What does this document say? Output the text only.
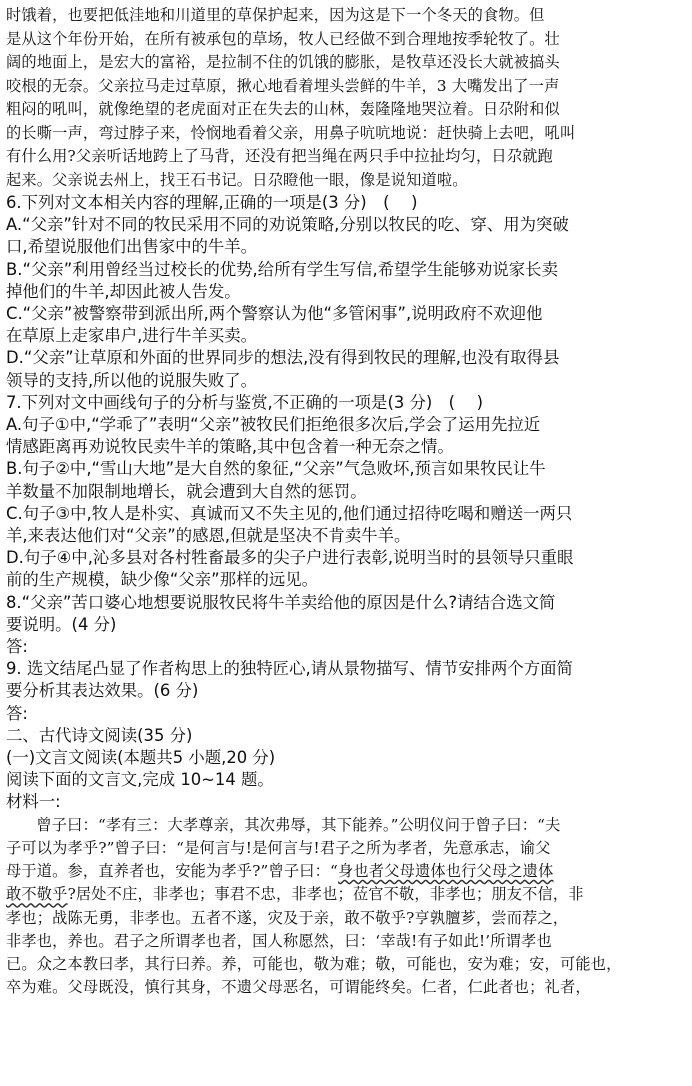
时饿着，也要把低洼地和川道里的草保护起来，因为这是下一个冬天的食物。但

是从这个年份开始，在所有被承包的草场，牧人已经做不到合理地按季轮牧了。壮

阔的地面上，是宏大的富裕，是拉制不住的饥饿的膨胀，是牧草还没长大就被搞头

咬根的无奈。父亲拉马走过草原，揪心地看着埋头尝鲜的牛羊，3 大嘴发出了一声

粗闷的吼叫，就像绝望的老虎面对正在失去的山林，轰隆隆地哭泣着。日尕附和似

的长嘶一声，弯过脖子来，怜悯地看着父亲，用鼻子吭吭地说：赶快骑上去吧，吼叫

有什么用?父亲听话地跨上了马背，还没有把当绳在两只手中拉扯均匀，日尕就跑

起来。父亲说去州上，找王石书记。日尕瞪他一眼，像是说知道啦。

6.下列对文本相关内容的理解,正确的一项是(3 分)　(　 )

A.“父亲”针对不同的牧民采用不同的劝说策略,分别以牧民的吃、穿、用为突破

口,希望说服他们出售家中的牛羊。

B.“父亲”利用曾经当过校长的优势,给所有学生写信,希望学生能够劝说家长卖

掉他们的牛羊,却因此被人告发。

C.“父亲”被警察带到派出所,两个警察认为他“多管闲事”,说明政府不欢迎他

在草原上走家串户,进行牛羊买卖。

D.“父亲”让草原和外面的世界同步的想法,没有得到牧民的理解,也没有取得县

领导的支持,所以他的说服失败了。

7.下列对文中画线句子的分析与鉴赏,不正确的一项是(3 分)　(　 )

A.句子①中,“学乖了”表明“父亲”被牧民们拒绝很多次后,学会了运用先拉近

情感距离再劝说牧民卖牛羊的策略,其中包含着一种无奈之情。

B.句子②中,“雪山大地”是大自然的象征,“父亲”气急败坏,预言如果牧民让牛

羊数量不加限制地增长，就会遭到大自然的惩罚。

C.句子③中,牧人是朴实、真诚而又不失主见的,他们通过招待吃喝和赠送一两只

羊,来表达他们对“父亲”的感恩,但就是坚决不肯卖牛羊。

D.句子④中,沁多县对各村牲畜最多的尖子户进行表彰,说明当时的县领导只重眼

前的生产规模，缺少像“父亲”那样的远见。

8.“父亲”苦口婆心地想要说服牧民将牛羊卖给他的原因是什么?请结合选文简

要说明。(4 分)

答:

9. 选文结尾凸显了作者构思上的独特匠心,请从景物描写、情节安排两个方面简

要分析其表达效果。(6 分)

答:

二、古代诗文阅读(35 分)

(一)文言文阅读(本题共5 小题,20 分)

阅读下面的文言文,完成 10~14 题。

材料一:

曾子曰：“孝有三：大孝尊亲，其次弗辱，其下能养。”公明仪问于曾子曰：“夫

子可以为孝乎?”曾子曰：“是何言与!是何言与!君子之所为孝者，先意承志，谕父

母于道。参，直养者也，安能为孝乎?”曾子曰：“身也者父母遗体也行父母之遗体

敢不敬乎?居处不庄，非孝也；事君不忠，非孝也；莅官不敬，非孝也；朋友不信，非

孝也；战陈无勇，非孝也。五者不遂，灾及于亲，敢不敬乎?亨孰膻芗，尝而荐之，

非孝也，养也。君子之所谓孝也者，国人称愿然，曰：‘幸哉!有子如此!’所谓孝也

已。众之本教曰孝，其行曰养。养，可能也，敬为难；敬，可能也，安为难；安，可能也，

卒为难。父母既没，慎行其身，不遗父母恶名，可谓能终矣。仁者，仁此者也；礼者，
